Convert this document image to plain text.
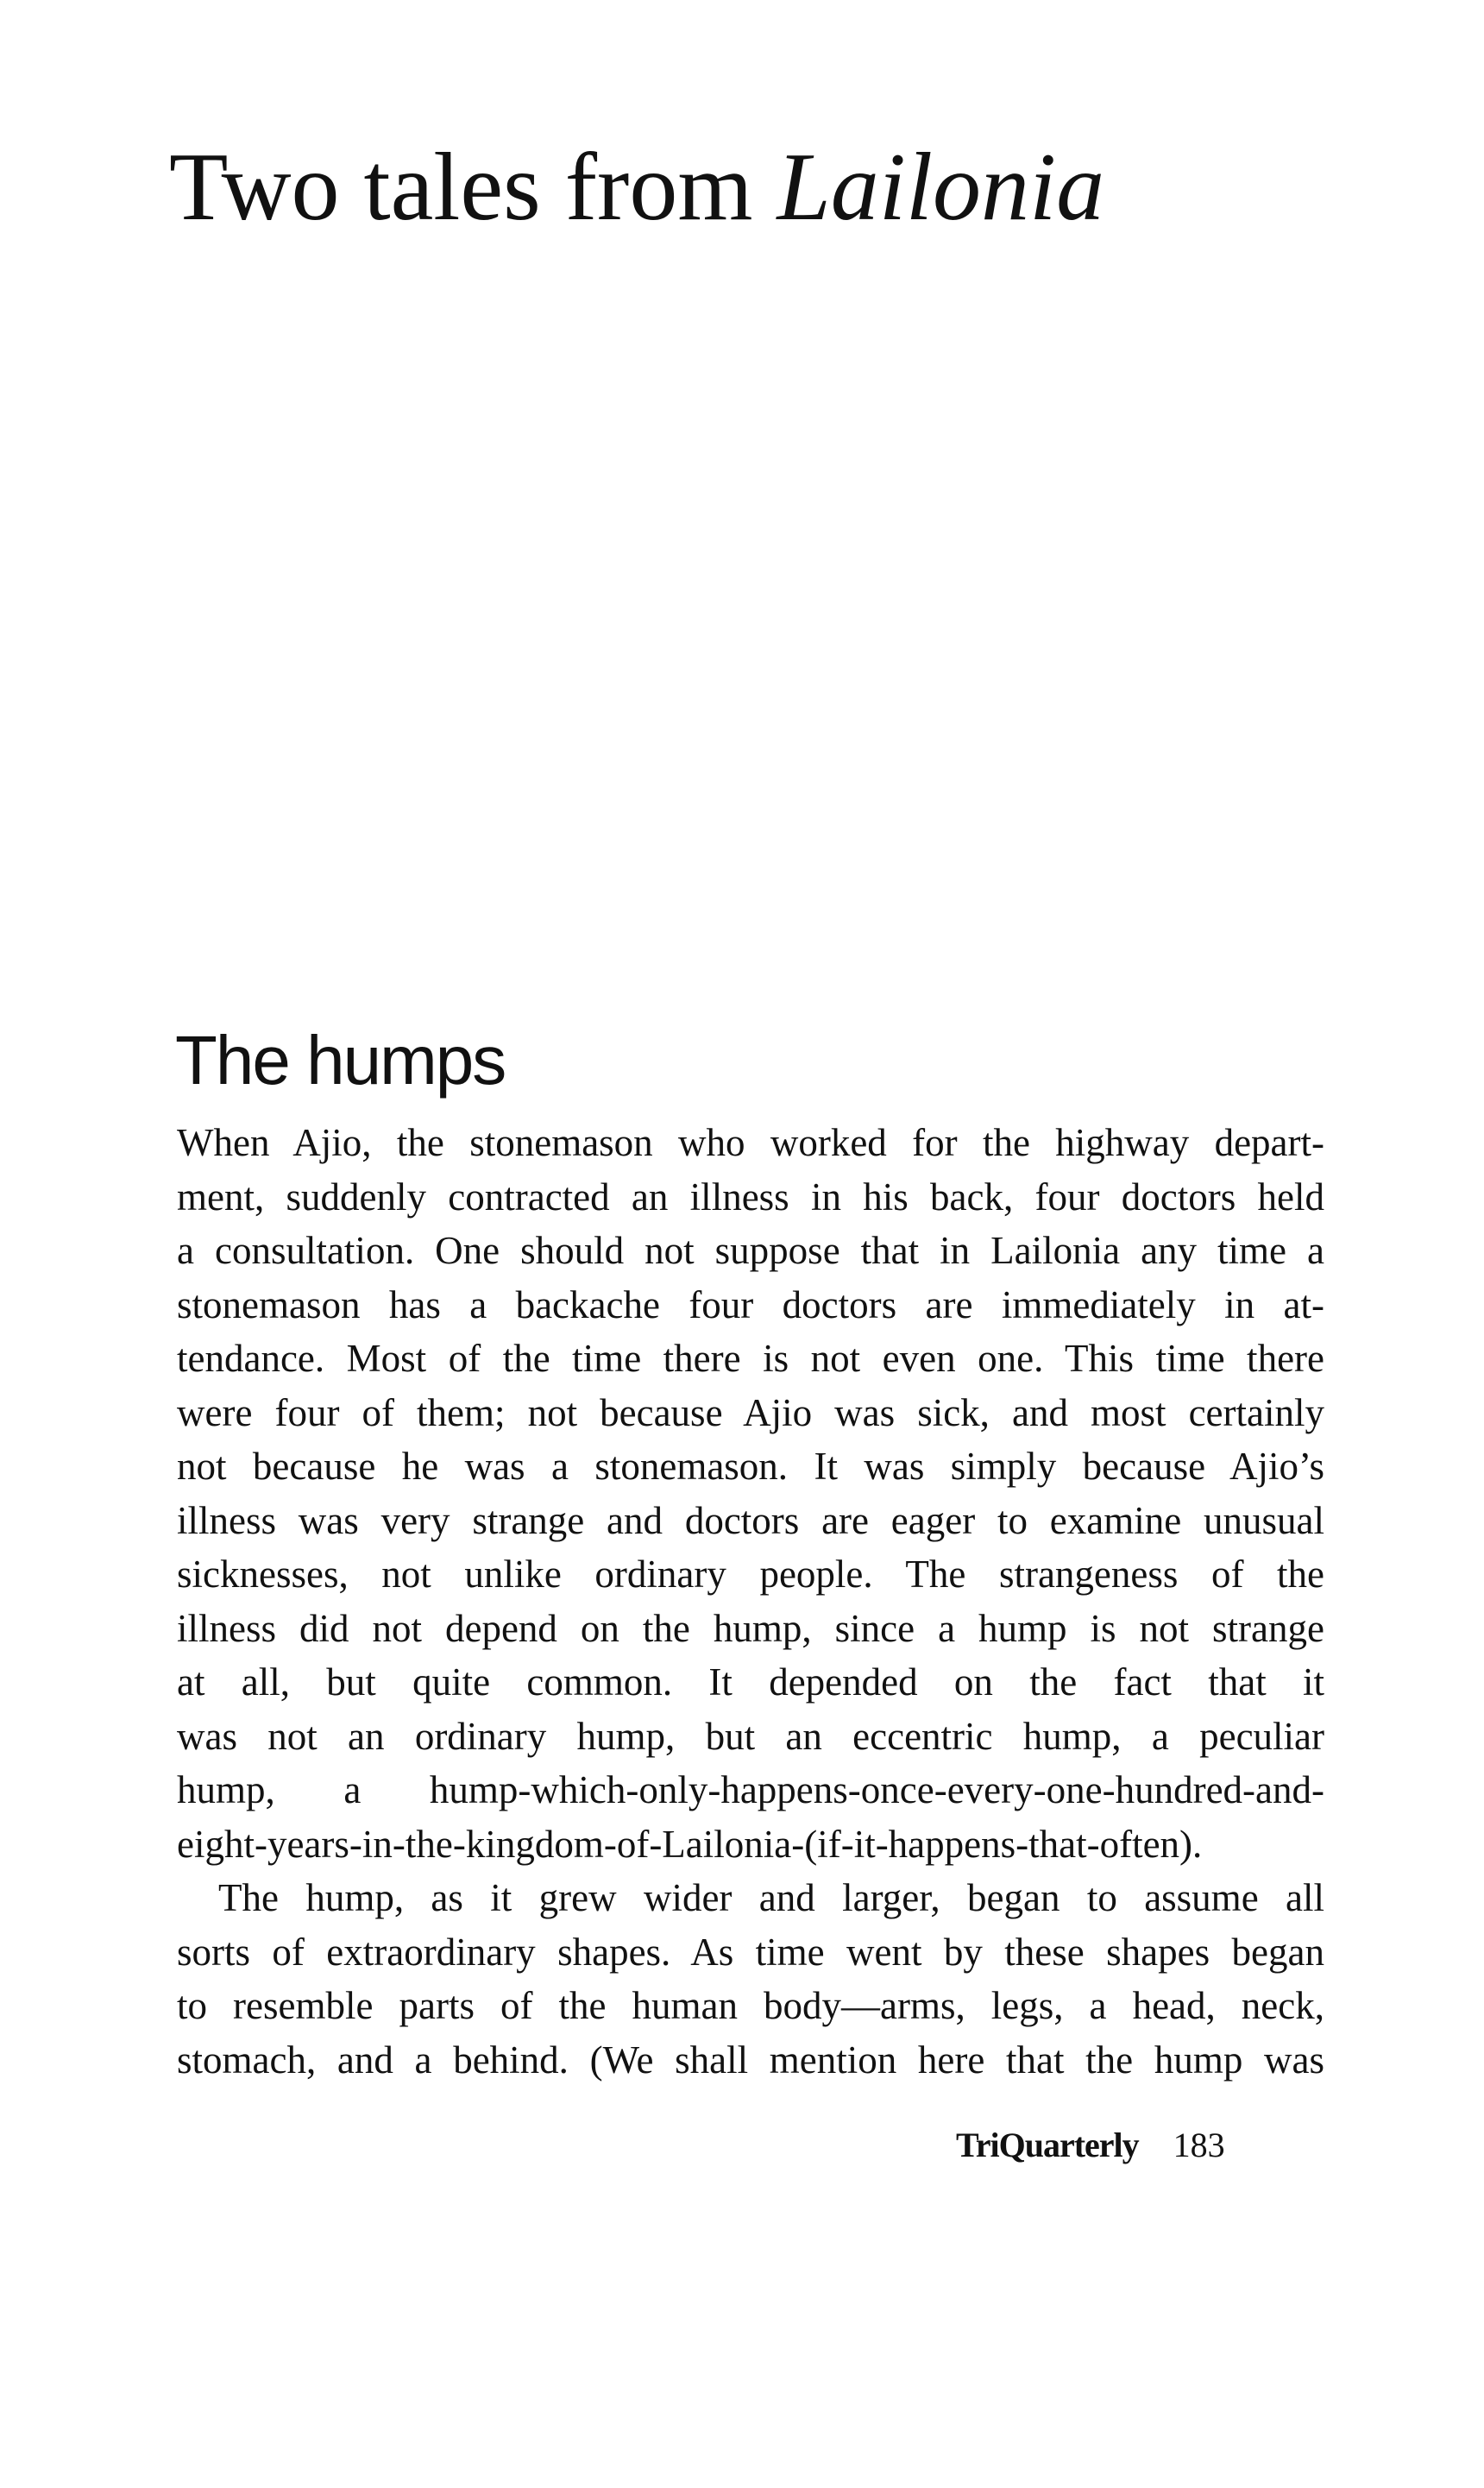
Two tales from Lailonia
The humps
When Ajio, the stonemason who worked for the highway depart-
ment, suddenly contracted an illness in his back, four doctors held
a consultation. One should not suppose that in Lailonia any time a
stonemason has a backache four doctors are immediately in at-
tendance. Most of the time there is not even one. This time there
were four of them; not because Ajio was sick, and most certainly
not because he was a stonemason. It was simply because Ajio’s
illness was very strange and doctors are eager to examine unusual
sicknesses, not unlike ordinary people. The strangeness of the
illness did not depend on the hump, since a hump is not strange
at all, but quite common. It depended on the fact that it
was not an ordinary hump, but an eccentric hump, a peculiar
hump, a hump-which-only-happens-once-every-one-hundred-and-
eight-years-in-the-kingdom-of-Lailonia-(if-it-happens-that-often).
The hump, as it grew wider and larger, began to assume all
sorts of extraordinary shapes. As time went by these shapes began
to resemble parts of the human body—arms, legs, a head, neck,
stomach, and a behind. (We shall mention here that the hump was
TriQuarterly 183
